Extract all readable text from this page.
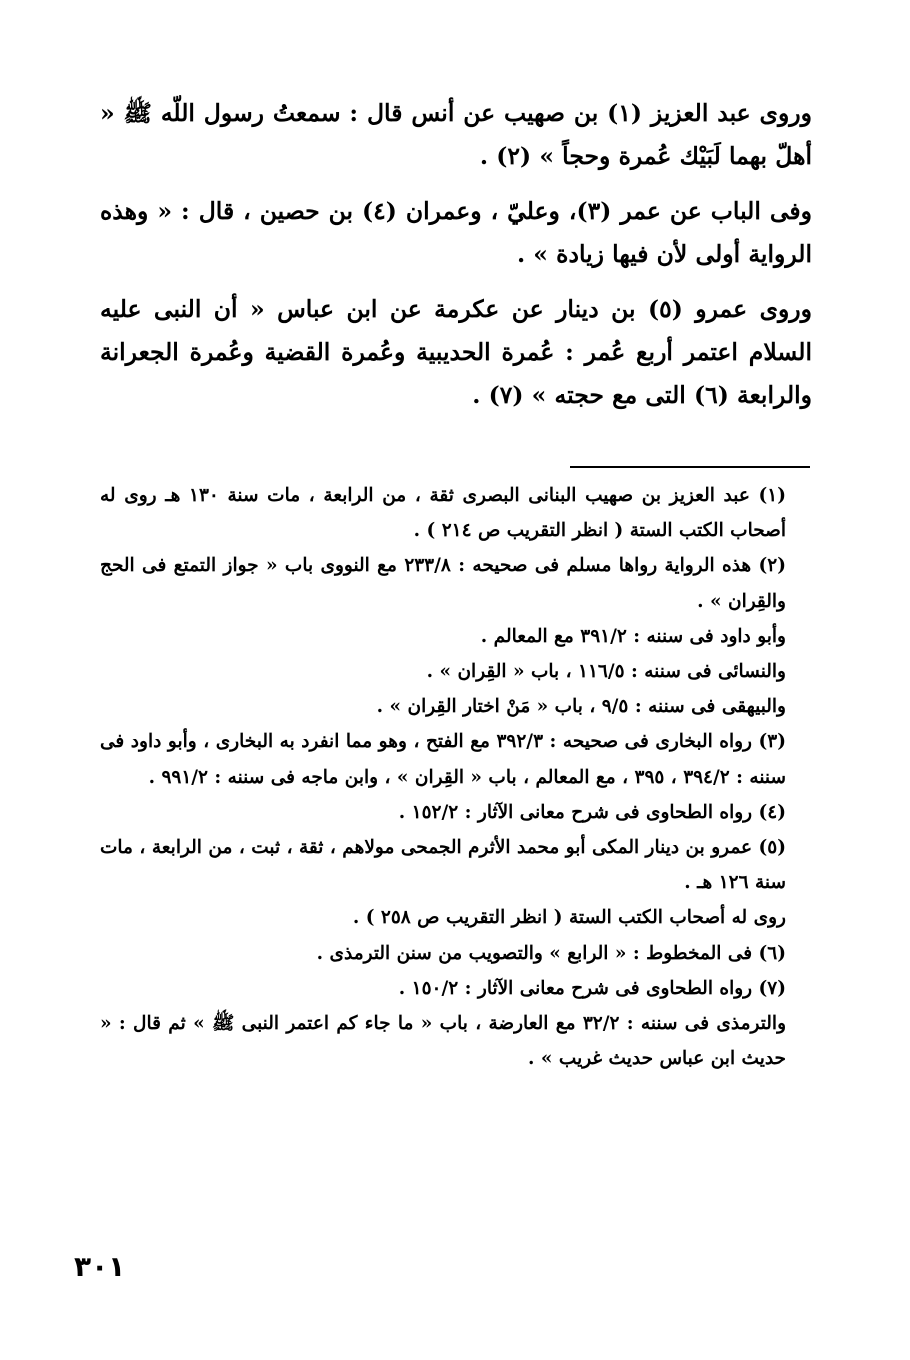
وروى عبد العزيز (١) بن صهيب عن أنس قال : سمعتُ رسول اللّه ﷺ « أهلّ بهما لَبَيْك عُمرة وحجاً » (٢) .

وفى الباب عن عمر (٣)، وعليّ ، وعمران (٤) بن حصين ، قال : « وهذه الرواية أولى لأن فيها زيادة » .

وروى عمرو (٥) بن دينار عن عكرمة عن ابن عباس « أن النبى عليه السلام اعتمر أربع عُمر : عُمرة الحديبية وعُمرة القضية وعُمرة الجعرانة والرابعة (٦) التى مع حجته » (٧) .

(١) عبد العزيز بن صهيب البنانى البصرى ثقة ، من الرابعة ، مات سنة ١٣٠ هـ روى له أصحاب الكتب الستة ( انظر التقريب ص ٢١٤ ) .

(٢) هذه الرواية رواها مسلم فى صحيحه : ٢٣٣/٨ مع النووى باب « جواز التمتع فى الحج والقِران » .

وأبو داود فى سننه : ٣٩١/٢ مع المعالم .

والنسائى فى سننه : ١١٦/٥ ، باب « القِران » .

والبيهقى فى سننه : ٩/٥ ، باب « مَنْ اختار القِران » .

(٣) رواه البخارى فى صحيحه : ٣٩٢/٣ مع الفتح ، وهو مما انفرد به البخارى ، وأبو داود فى سننه : ٣٩٤/٢ ، ٣٩٥ ، مع المعالم ، باب « القِران » ، وابن ماجه فى سننه : ٩٩١/٢ .

(٤) رواه الطحاوى فى شرح معانى الآثار : ١٥٢/٢ .

(٥) عمرو بن دينار المكى أبو محمد الأثرم الجمحى مولاهم ، ثقة ، ثبت ، من الرابعة ، مات سنة ١٢٦ هـ .

روى له أصحاب الكتب الستة ( انظر التقريب ص ٢٥٨ ) .

(٦) فى المخطوط : « الرابع » والتصويب من سنن الترمذى .

(٧) رواه الطحاوى فى شرح معانى الآثار : ١٥٠/٢ .

والترمذى فى سننه : ٣٢/٢ مع العارضة ، باب « ما جاء كم اعتمر النبى ﷺ » ثم قال : « حديث ابن عباس حديث غريب » .

٣٠١
